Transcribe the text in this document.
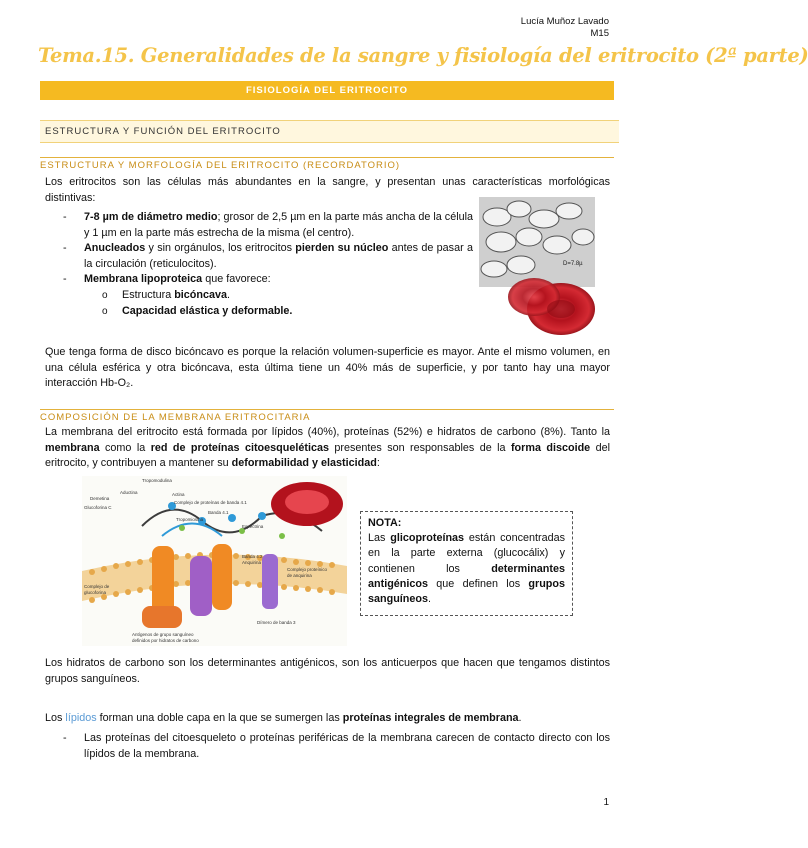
Lucía Muñoz Lavado
M15
Tema.15. Generalidades de la sangre y fisiología del eritrocito (2ª parte)
FISIOLOGÍA DEL ERITROCITO
ESTRUCTURA Y FUNCIÓN DEL ERITROCITO
ESTRUCTURA Y MORFOLOGÍA DEL ERITROCITO (RECORDATORIO)
Los eritrocitos son las células más abundantes en la sangre, y presentan unas características morfológicas distintivas:
- 7-8 µm de diámetro medio; grosor de 2,5 µm en la parte más ancha de la célula y 1 µm en la parte más estrecha de la misma (el centro).
- Anucleados y sin orgánulos, los eritrocitos pierden su núcleo antes de pasar a la circulación (reticulocitos).
- Membrana lipoproteica que favorece:
o Estructura bicóncava.
o Capacidad elástica y deformable.
D=7.8µ
Que tenga forma de disco bicóncavo es porque la relación volumen-superficie es mayor. Ante el mismo volumen, en una célula esférica y otra bicóncava, esta última tiene un 40% más de superficie, y por tanto hay una mayor interacción Hb-O₂.
COMPOSICIÓN DE LA MEMBRANA ERITROCITARIA
La membrana del eritrocito está formada por lípidos (40%), proteínas (52%) e hidratos de carbono (8%). Tanto la membrana como la red de proteínas citoesqueléticas presentes son responsables de la forma discoide del eritrocito, y contribuyen a mantener su deformabilidad y elasticidad:
Tropomodulina
Aductina	Actina
Complejo de proteínas de banda 4.1
Banda 4.1
Demetina
Glucoforina C
Tropomiosina
Espectrina
Banda 4.2
Anquirina
Complejo proteínico
de anquirina
Dímero de banda 3
Complejo de
glucoforina
Antígenos de grupo sanguíneo
definidos por hidratos de carbono
NOTA:
Las glicoproteínas están concentradas en la parte externa (glucocálix) y contienen los determinantes antigénicos que definen los grupos sanguíneos.
Los hidratos de carbono son los determinantes antigénicos, son los anticuerpos que hacen que tengamos distintos grupos sanguíneos.
Los lípidos forman una doble capa en la que se sumergen las proteínas integrales de membrana.
- Las proteínas del citoesqueleto o proteínas periféricas de la membrana carecen de contacto directo con los lípidos de la membrana.
1
